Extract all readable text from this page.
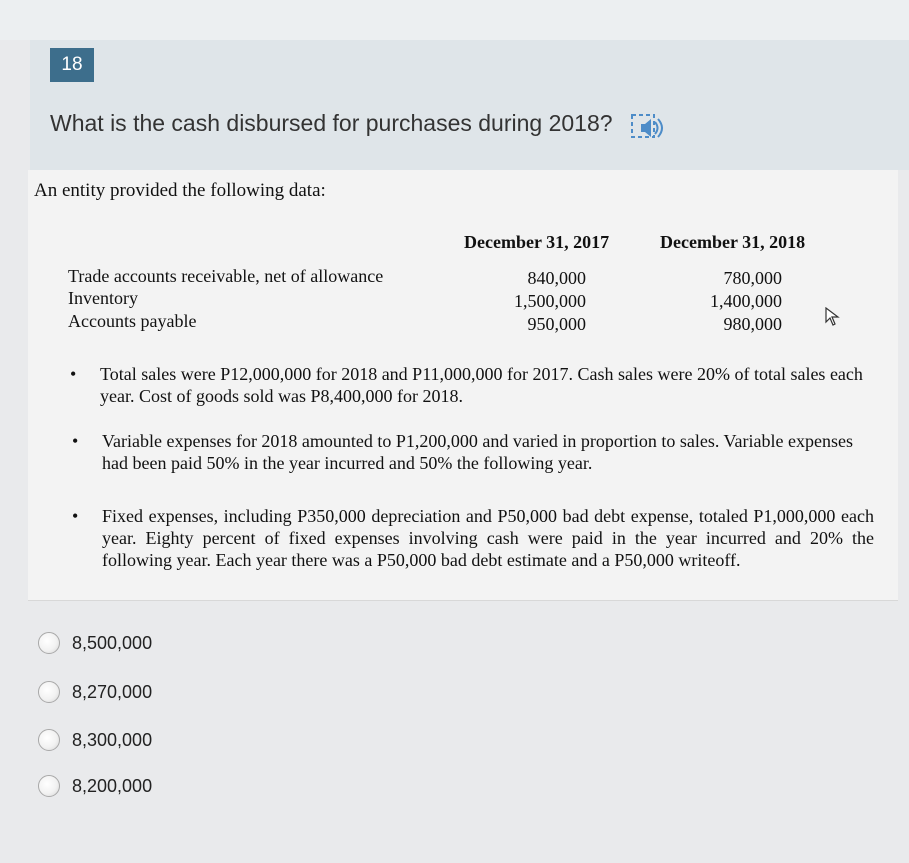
18
What is the cash disbursed for purchases during 2018?
An entity provided the following data:
December 31, 2017	December 31, 2018
Trade accounts receivable, net of allowance
Inventory
Accounts payable
840,000
1,500,000
950,000
780,000
1,400,000
980,000
• Total sales were P12,000,000 for 2018 and P11,000,000 for 2017. Cash sales were 20% of total sales each year. Cost of goods sold was P8,400,000 for 2018.
• Variable expenses for 2018 amounted to P1,200,000 and varied in proportion to sales. Variable expenses had been paid 50% in the year incurred and 50% the following year.
• Fixed expenses, including P350,000 depreciation and P50,000 bad debt expense, totaled P1,000,000 each year. Eighty percent of fixed expenses involving cash were paid in the year incurred and 20% the following year. Each year there was a P50,000 bad debt estimate and a P50,000 writeoff.
8,500,000
8,270,000
8,300,000
8,200,000
